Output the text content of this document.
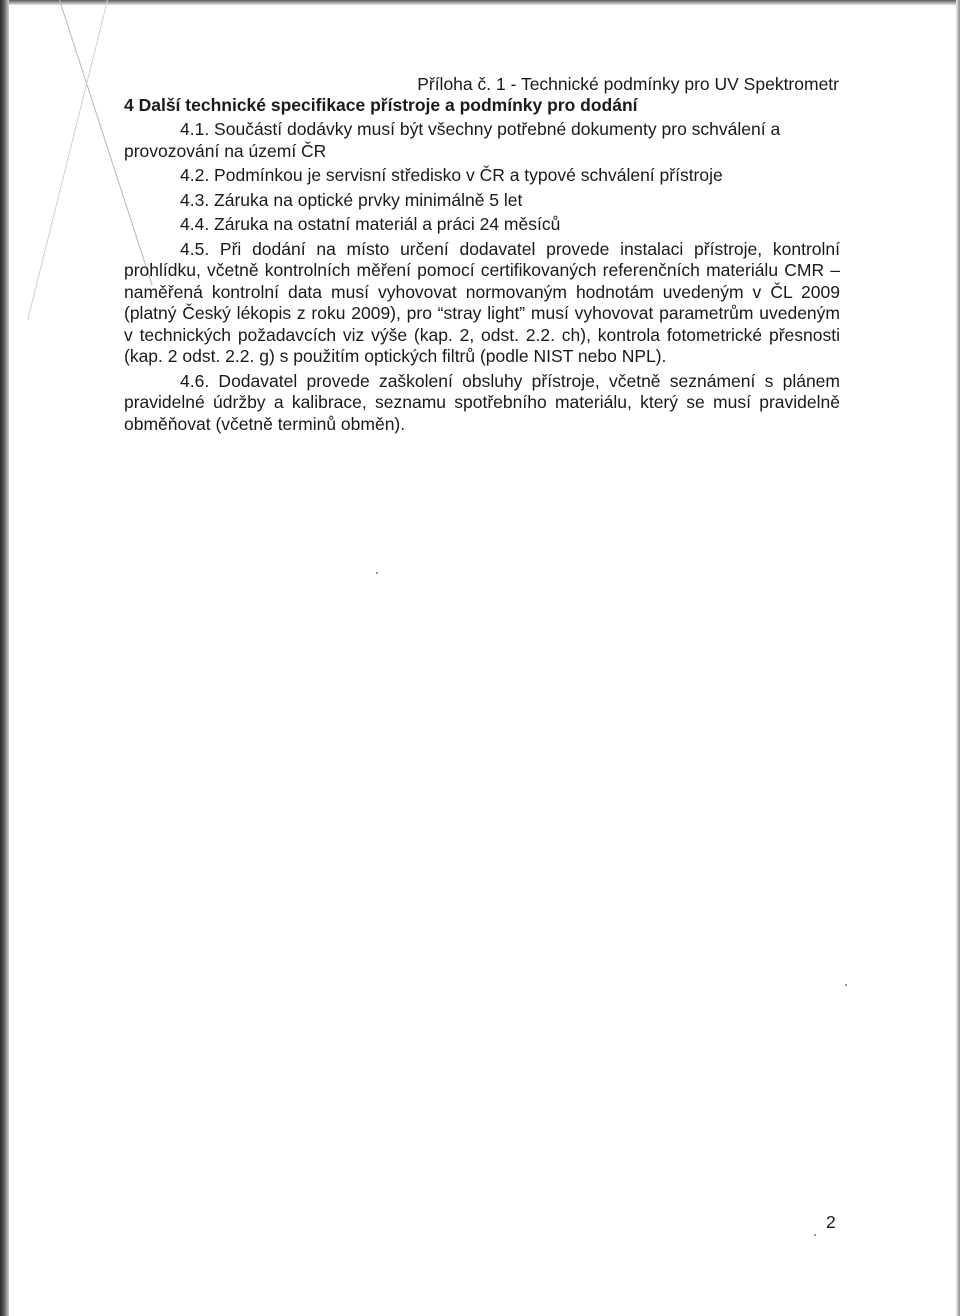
Příloha č. 1 - Technické podmínky pro UV Spektrometr
4 Další technické specifikace přístroje a podmínky pro dodání
4.1. Součástí dodávky musí být všechny potřebné dokumenty pro schválení a provozování na území ČR
4.2. Podmínkou je servisní středisko v ČR a typové schválení přístroje
4.3. Záruka na optické prvky minimálně 5 let
4.4. Záruka na ostatní materiál a práci 24 měsíců
4.5. Při dodání na místo určení dodavatel provede instalaci přístroje, kontrolní prohlídku, včetně kontrolních měření pomocí certifikovaných referenčních materiálu CMR – naměřená kontrolní data musí vyhovovat normovaným hodnotám uvedeným v ČL 2009 (platný Český lékopis z roku 2009), pro “stray light” musí vyhovovat parametrům uvedeným v technických požadavcích viz výše (kap. 2, odst. 2.2. ch), kontrola fotometrické přesnosti (kap. 2 odst. 2.2. g) s použitím optických filtrů (podle NIST nebo NPL).
4.6. Dodavatel provede zaškolení obsluhy přístroje, včetně seznámení s plánem pravidelné údržby a kalibrace, seznamu spotřebního materiálu, který se musí pravidelně obměňovat (včetně terminů obměn).
2
